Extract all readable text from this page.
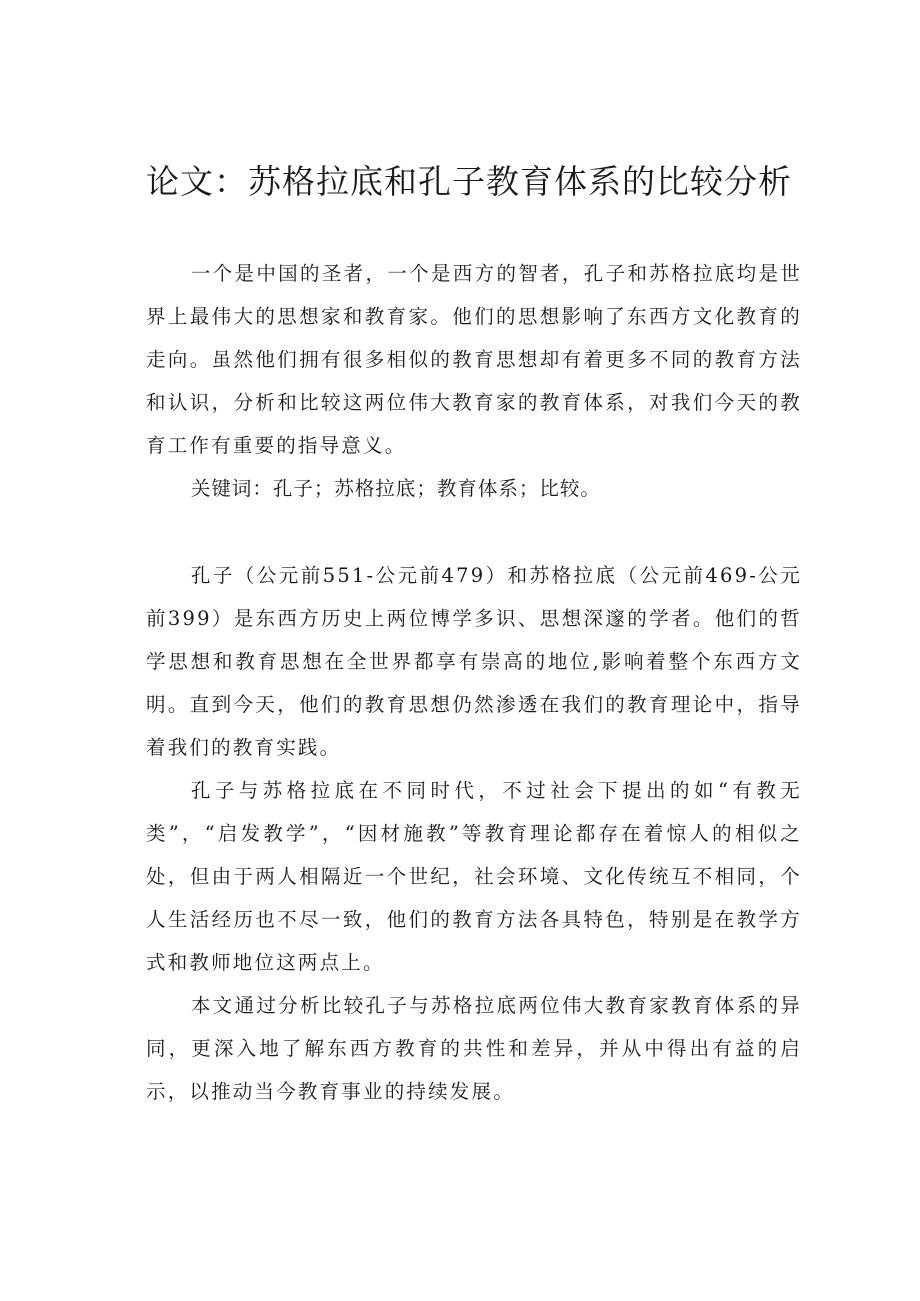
论文：苏格拉底和孔子教育体系的比较分析

一个是中国的圣者，一个是西方的智者，孔子和苏格拉底均是世界上最伟大的思想家和教育家。他们的思想影响了东西方文化教育的走向。虽然他们拥有很多相似的教育思想却有着更多不同的教育方法和认识，分析和比较这两位伟大教育家的教育体系，对我们今天的教育工作有重要的指导意义。

关键词：孔子；苏格拉底；教育体系；比较。

孔子（公元前551-公元前479）和苏格拉底（公元前469-公元前399）是东西方历史上两位博学多识、思想深邃的学者。他们的哲学思想和教育思想在全世界都享有崇高的地位,影响着整个东西方文明。直到今天，他们的教育思想仍然渗透在我们的教育理论中，指导着我们的教育实践。

孔子与苏格拉底在不同时代，不过社会下提出的如“有教无类”，“启发教学”，“因材施教”等教育理论都存在着惊人的相似之处，但由于两人相隔近一个世纪，社会环境、文化传统互不相同，个人生活经历也不尽一致，他们的教育方法各具特色，特别是在教学方式和教师地位这两点上。

本文通过分析比较孔子与苏格拉底两位伟大教育家教育体系的异同，更深入地了解东西方教育的共性和差异，并从中得出有益的启示，以推动当今教育事业的持续发展。
